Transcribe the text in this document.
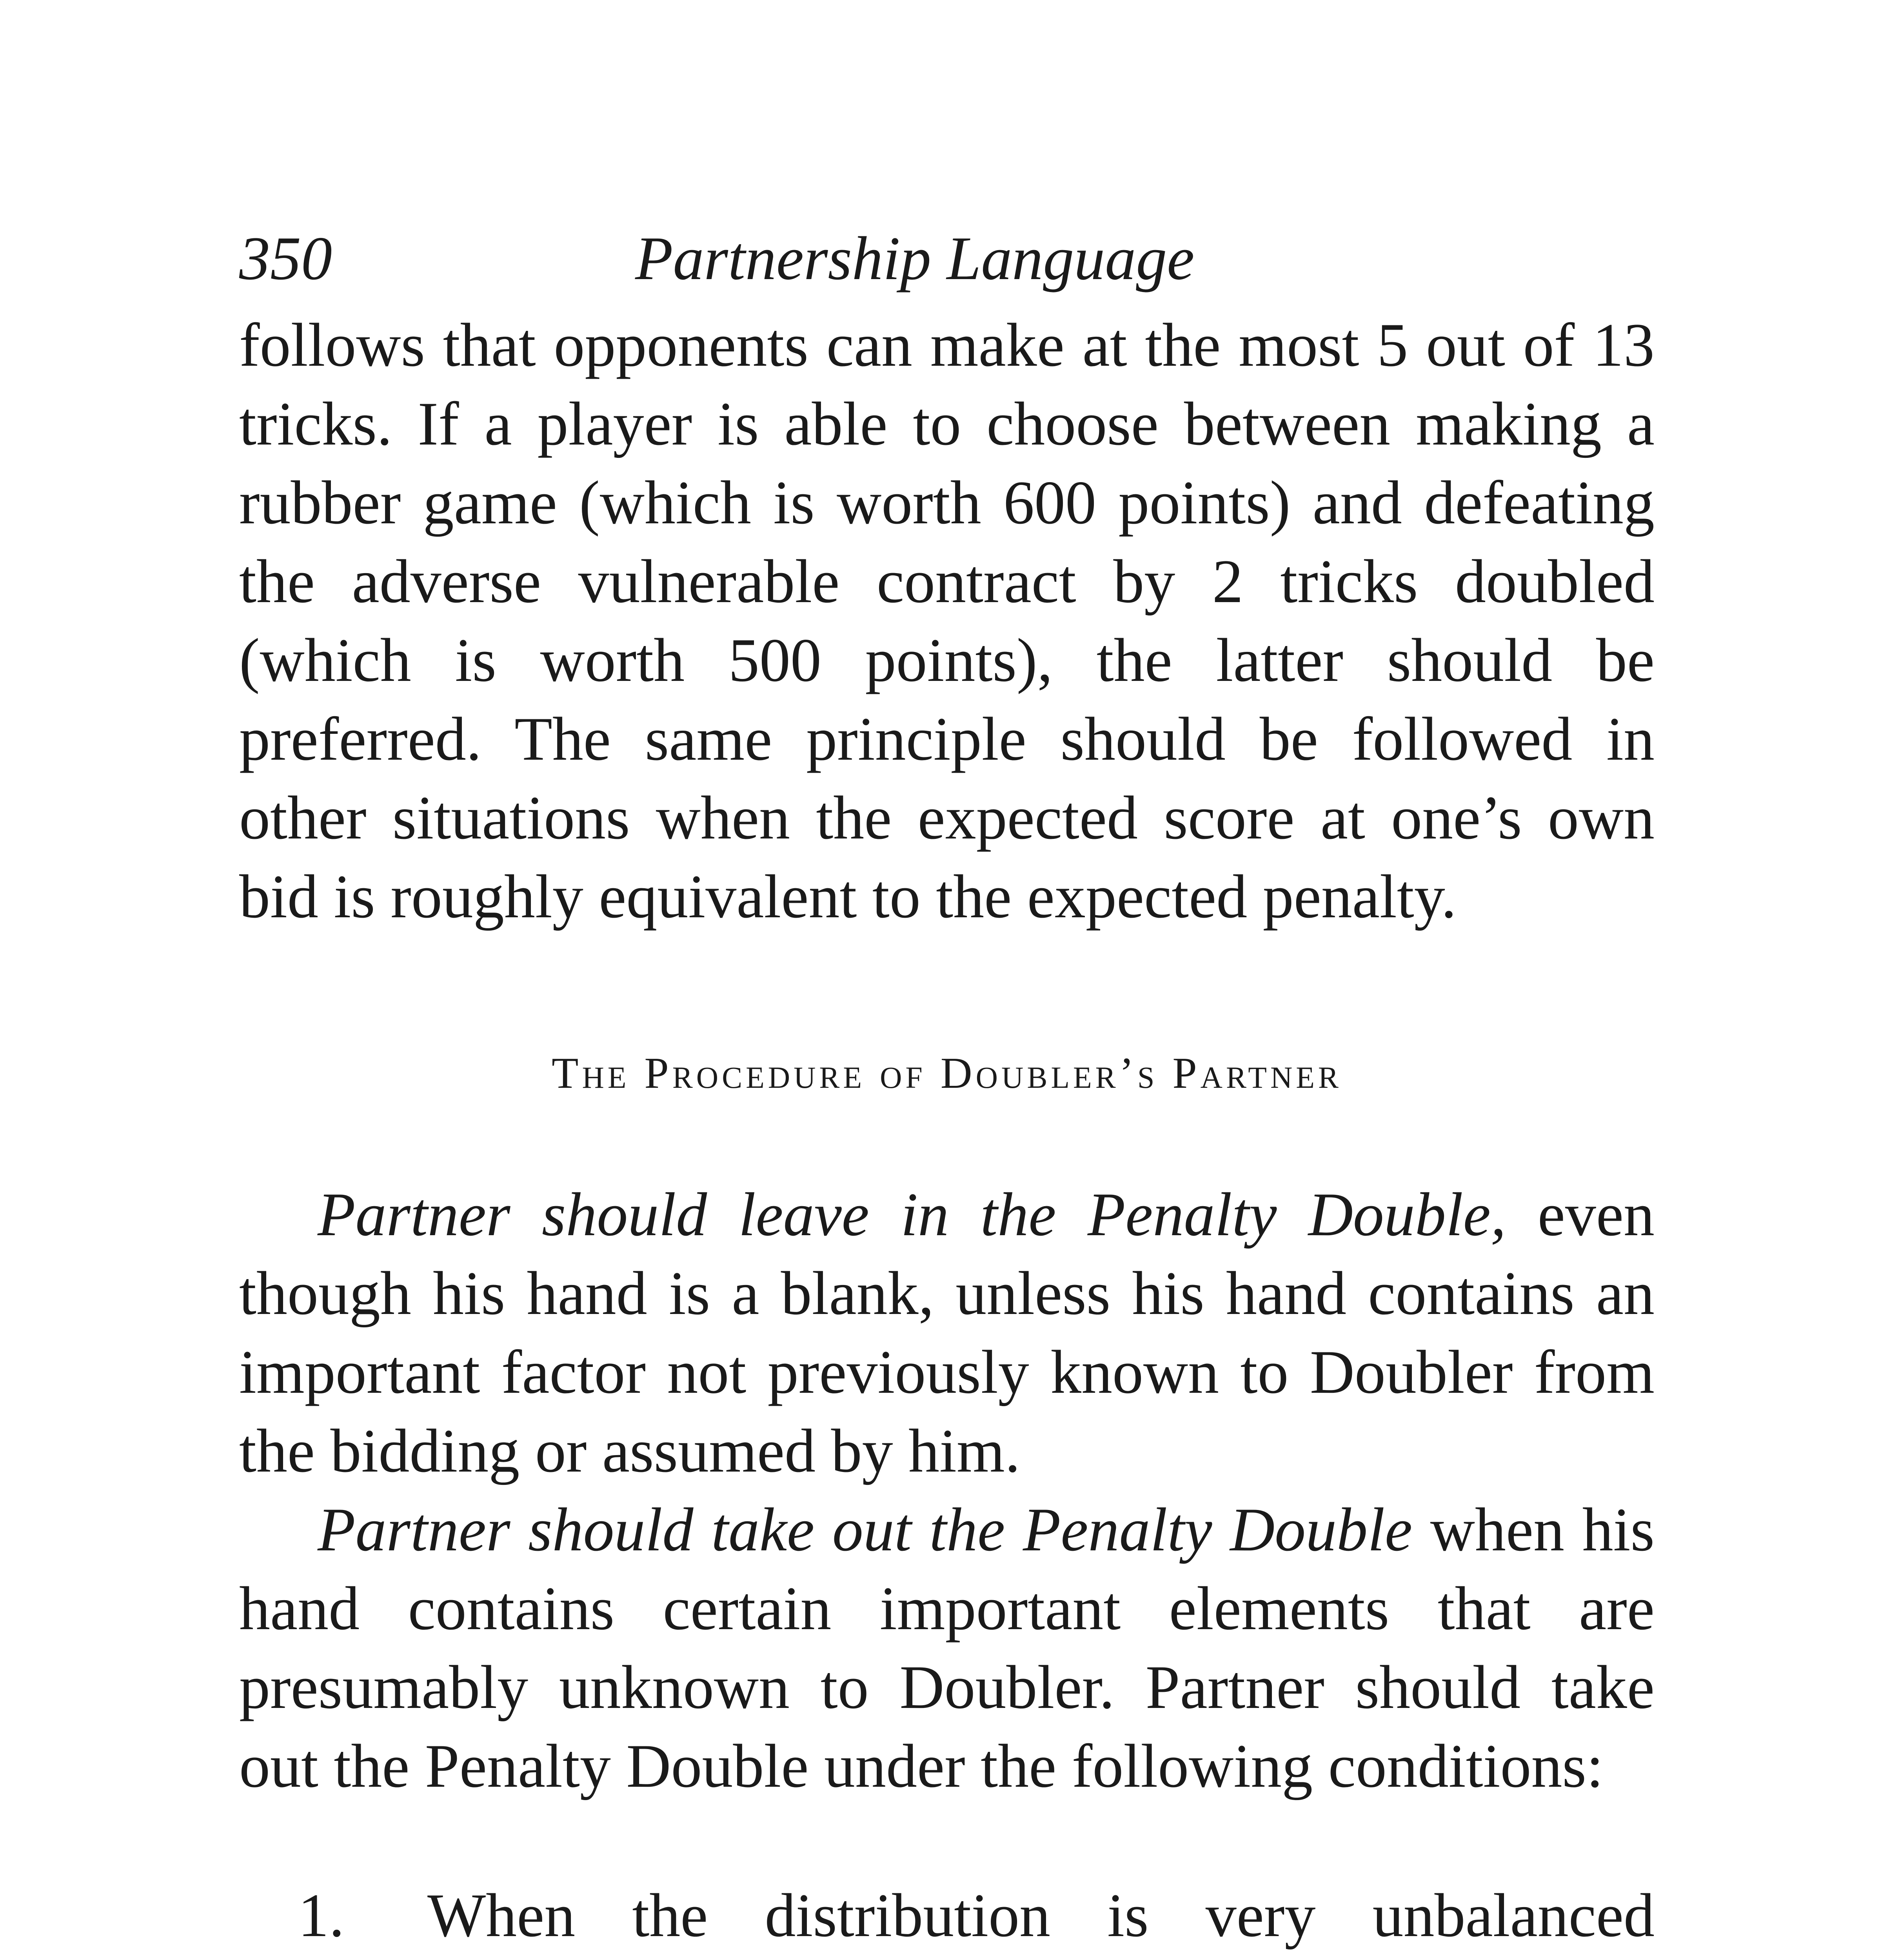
350	Partnership Language

follows that opponents can make at the most 5 out of 13 tricks. If a player is able to choose between making a rubber game (which is worth 600 points) and defeating the adverse vulnerable contract by 2 tricks doubled (which is worth 500 points), the latter should be preferred. The same principle should be followed in other situations when the expected score at one’s own bid is roughly equivalent to the expected penalty.

The Procedure of Doubler’s Partner

Partner should leave in the Penalty Double, even though his hand is a blank, unless his hand contains an important factor not previously known to Doubler from the bidding or assumed by him.

Partner should take out the Penalty Double when his hand contains certain important elements that are presumably unknown to Doubler. Partner should take out the Penalty Double under the following conditions:

1. When the distribution is very unbalanced
